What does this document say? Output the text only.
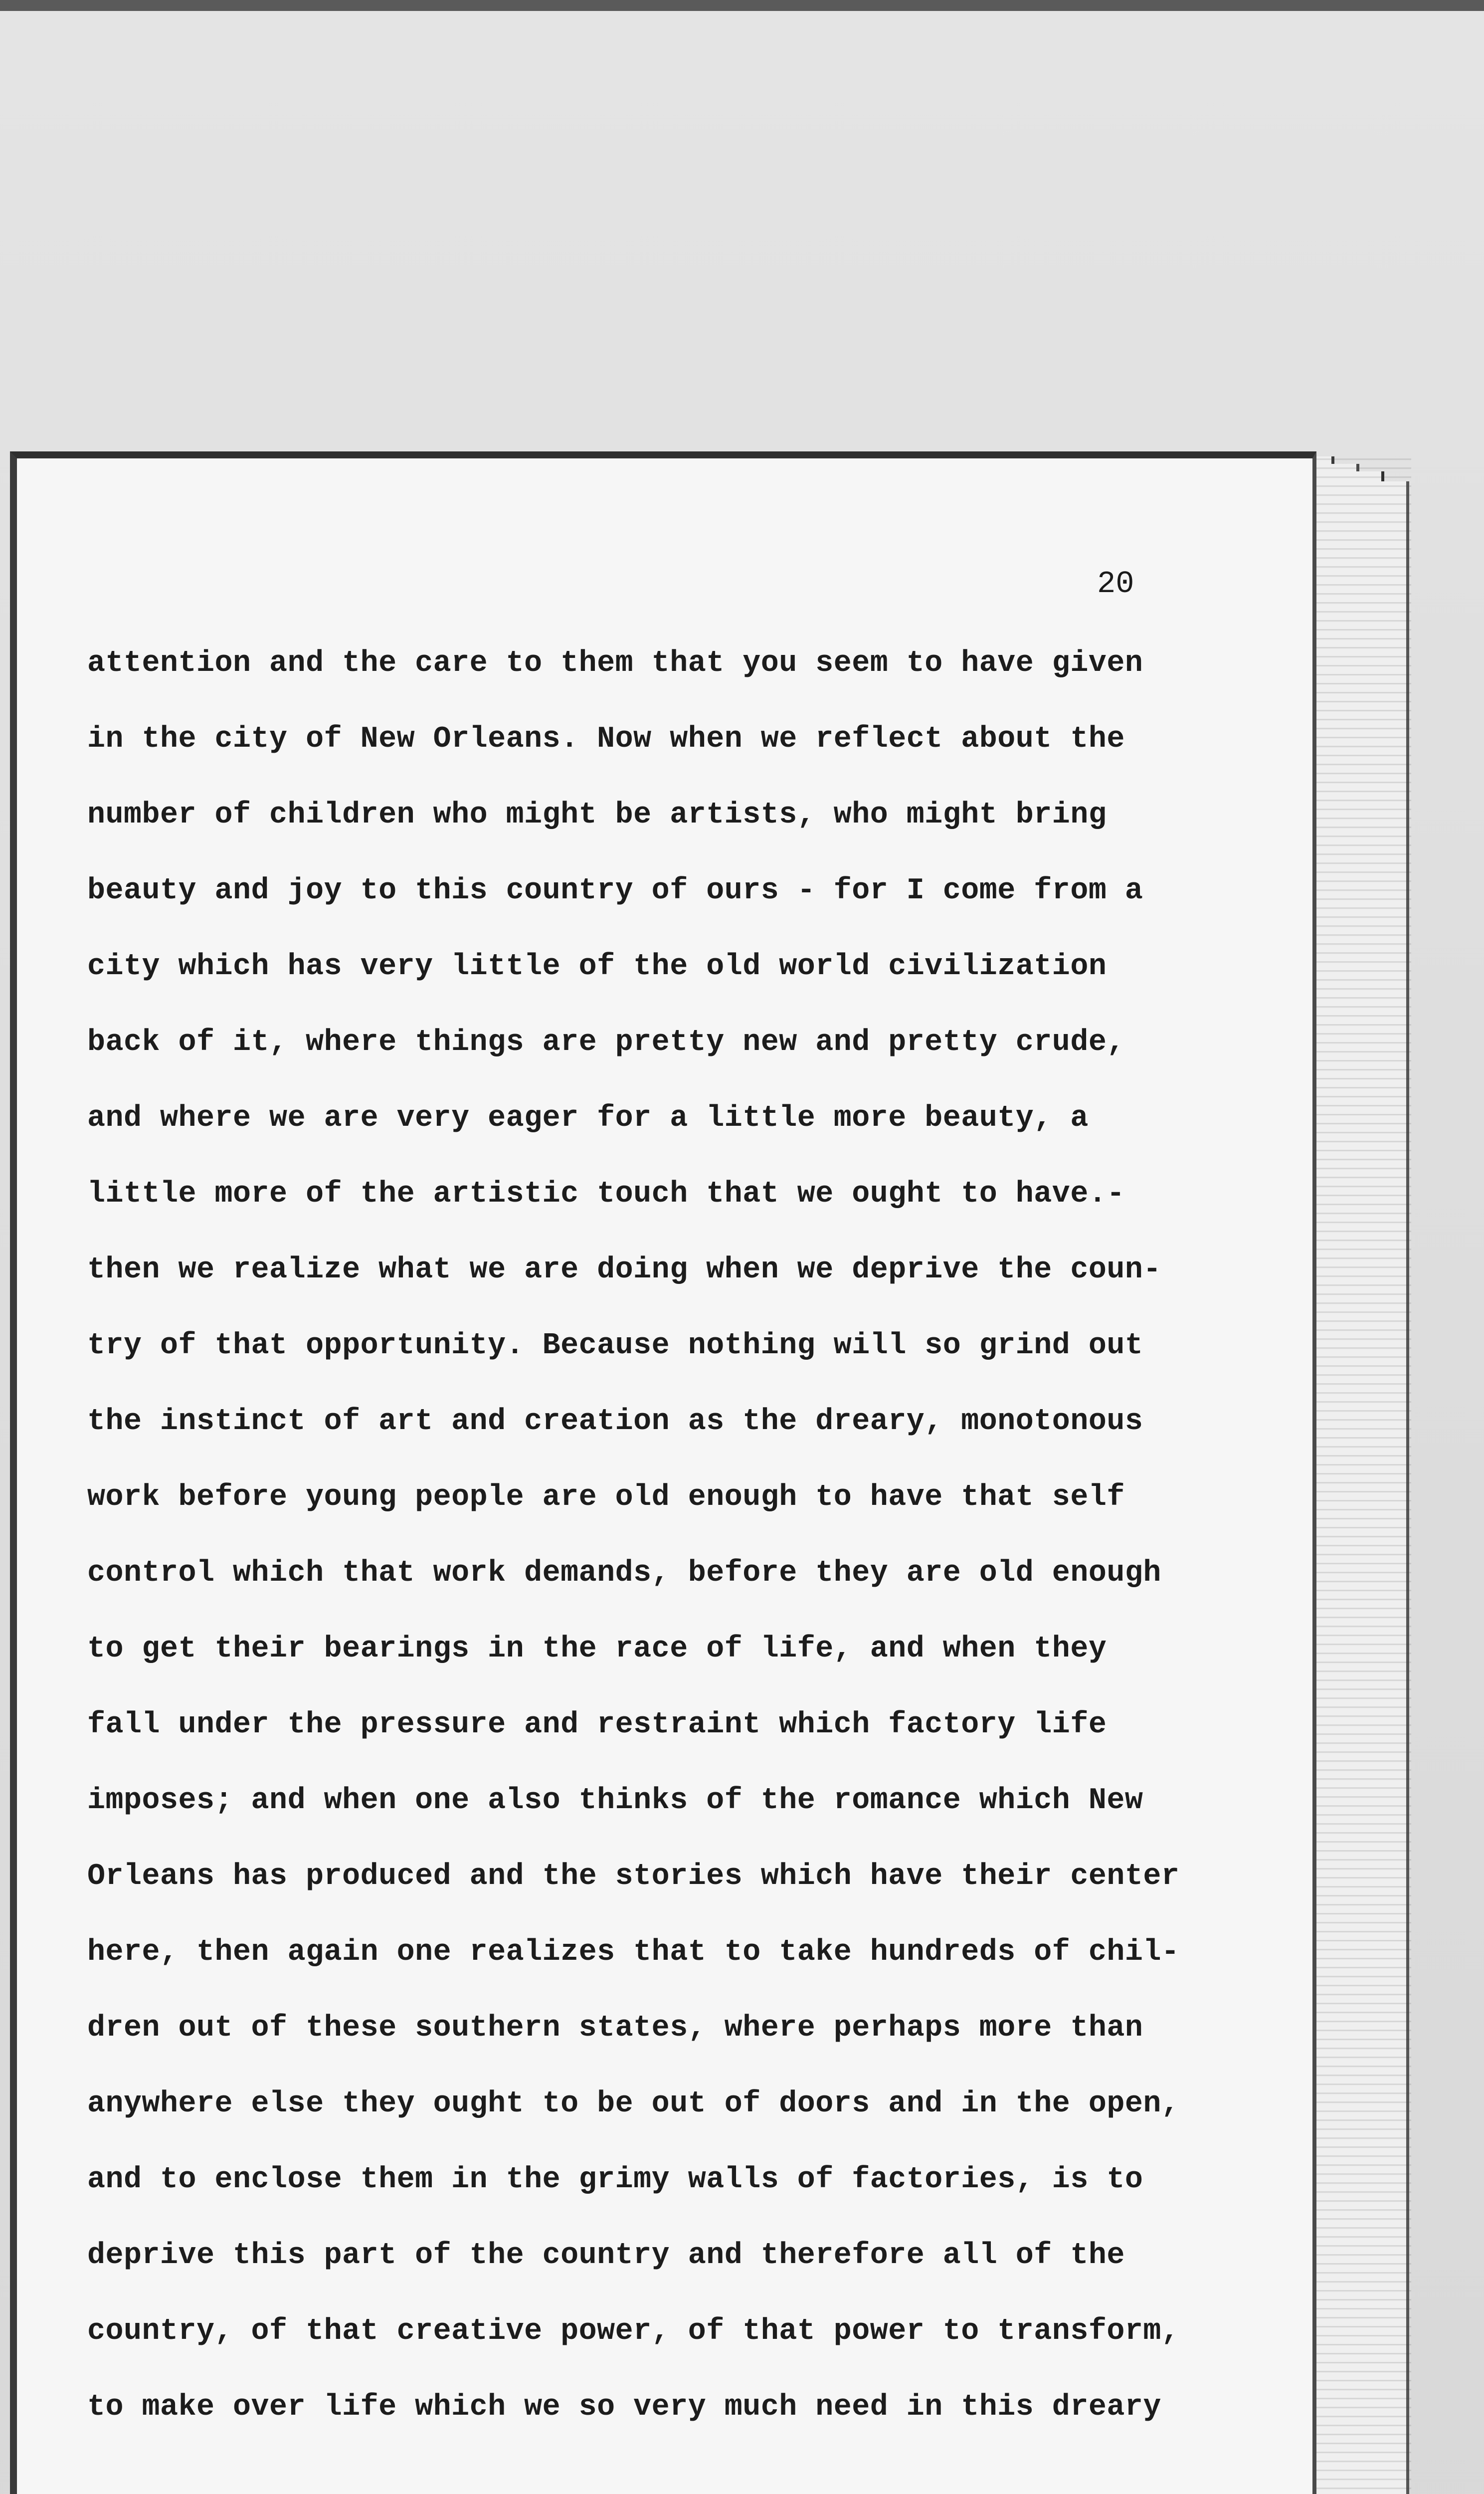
20
attention and the care to them that you seem to have given
in the city of New Orleans. Now when we reflect about the
number of children who might be artists, who might bring
beauty and joy to this country of ours - for I come from a
city which has very little of the old world civilization
back of it, where things are pretty new and pretty crude,
and where we are very eager for a little more beauty, a
little more of the artistic touch that we ought to have.-
then we realize what we are doing when we deprive the coun-
try of that opportunity. Because nothing will so grind out
the instinct of art and creation as the dreary, monotonous
work before young people are old enough to have that self
control which that work demands, before they are old enough
to get their bearings in the race of life, and when they
fall under the pressure and restraint which factory life
imposes; and when one also thinks of the romance which New
Orleans has produced and the stories which have their center
here, then again one realizes that to take hundreds of chil-
dren out of these southern states, where perhaps more than
anywhere else they ought to be out of doors and in the open,
and to enclose them in the grimy walls of factories, is to
deprive this part of the country and therefore all of the
country, of that creative power, of that power to transform,
to make over life which we so very much need in this dreary
